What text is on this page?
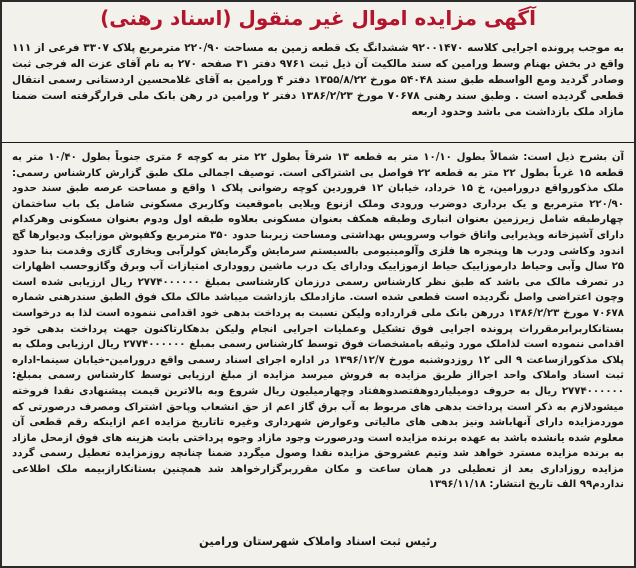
آگهی مزایده اموال غیر منقول (اسناد رهنی)
به موجب پرونده اجرایی کلاسه ۹۲۰۰۱۴۷۰ ششدانگ یک قطعه زمین به مساحت ۲۲۰/۹۰ مترمربع پلاک ۳۳۰۷ فرعی از ۱۱۱ واقع در بخش بهنام وسط ورامین که سند مالکیت آن ذیل ثبت ۹۷۶۱ دفتر ۳۱ صفحه ۲۷۰ به نام آقای عزت اله فرجی ثبت وصادر گردید ومع الواسطه طبق سند ۵۴۰۴۸ مورخ ۱۳۵۵/۸/۲۲ دفتر ۴ ورامین به آقای غلامحسین اردستانی رسمی انتقال قطعی گردیده است . وطبق سند رهنی ۷۰۶۷۸ مورخ ۱۳۸۶/۲/۲۳ دفتر ۲ ورامین در رهن بانک ملی قرارگرفته است ضمنا مازاد ملک بازداشت می باشد وحدود اربعه
آن بشرح ذیل است: شمالاً بطول ۱۰/۱۰ متر به قطعه ۱۳ شرقاً بطول ۲۲ متر به کوچه ۶ متری جنوباً بطول ۱۰/۴۰ متر به قطعه ۱۵ غرباً بطول ۲۲ متر به قطعه ۲۲ فواصل بی اشتراکی است. توصیف اجمالی ملک طبق گزارش کارشناس رسمی: ملک مذکورواقع درورامین، خ ۱۵ خرداد، خیابان ۱۲ فروردین کوچه رضوانی پلاک ۱ واقع و مساحت عرصه طبق سند حدود ۲۲۰/۹۰ مترمربع و یک برداری دوضرب ورودی وملک ازنوع ویلایی باموقعیت وکاربری مسکونی شامل یک باب ساختمان چهارطبقه شامل زیرزمین بعنوان انباری وطبقه همکف بعنوان مسکونی بعلاوه طبقه اول ودوم بعنوان مسکونی وهرکدام دارای آشپزخانه وپذیرایی واتاق خواب وسرویس بهداشتی ومساحت زیربنا حدود ۳۵۰ مترمربع وکفپوش موزاییک ودیوارها گچ اندود وکاشی ودرب ها وپنجره ها فلزی وآلومینیومی بالسیستم سرمایش وگرمایش کولرآبی وبخاری گازی وقدمت بنا حدود ۲۵ سال وآبی وحیاط دارموزاییک حیاط ازموزاییک ودارای یک درب ماشین رووداری امتیازات آب وبرق وگازوحسب اظهارات در تصرف مالک می باشد که طبق نظر کارشناس رسمی درزمان کارشناسی بمبلغ ۲۷۷۴۰۰۰۰۰۰ ریال ارزیابی شده است وچون اعتراضی واصل نگردیده است قطعی شده است. مازادملک بازداشت میباشد مالک ملک فوق الطبق سندرهنی شماره ۷۰۶۷۸ مورخ ۱۳۸۶/۲/۲۳ دررهن بانک ملی قرارداده ولیکن نسبت به پرداخت بدهی خود اقدامی ننموده است لذا به درخواست بستانکاربرابرمقررات پرونده اجرایی فوق تشکیل وعملیات اجرایی انجام ولیکن بدهکارتاکنون جهت پرداخت بدهی خود اقدامی ننموده است لذاملک مورد وثیقه بامشخصات فوق توسط کارشناس رسمی بمبلغ ۲۷۷۴۰۰۰۰۰۰ ریال ارزیابی وملک به پلاک مذکورازساعت ۹ الی ۱۲ روزدوشنبه مورخ ۱۳۹۶/۱۲/۷ در اداره اجرای اسناد رسمی واقع درورامین-خیابان سینما-اداره ثبت اسناد واملاک واحد اجرااز طریق مزایده به فروش میرسد مزایده از مبلغ ارزیابی توسط کارشناس رسمی بمبلغ: ۲۷۷۴۰۰۰۰۰۰ ریال به حروف دومیلیاردوهفتصدوهفتاد وچهارمیلیون ریال شروع وبه بالاترین قیمت پیشنهادی نقدا فروخته میشودلازم به ذکر است پرداخت بدهی های مربوط به آب برق گاز اعم از حق انشعاب وپاحق اشتراک ومصرف درصورتی که موردمزایده دارای آنهاباشد ونیز بدهی های مالیاتی وعوارض شهرداری وغیره تاتاریخ مزایده اعم ازاینکه رقم قطعی آن معلوم شده یانشده باشد به عهده برنده مزایده است ودرصورت وجود مازاد وجوه پرداختی بابت هزینه های فوق ازمحل مازاد به برنده مزایده مسترد خواهد شد وتیم عشروحق مزایده نقدا وصول میگردد ضمنا چنانچه روزمزایده تعطیل رسمی گردد مزایده روزاداری بعد از تعطیلی در همان ساعت و مکان مقرربرگزارخواهد شد همچنین بستانکارازبیمه ملک اطلاعی نداردم۹۹ الف تاریخ انتشار: ۱۳۹۶/۱۱/۱۸
رئیس ثبت اسناد واملاک شهرستان ورامین
